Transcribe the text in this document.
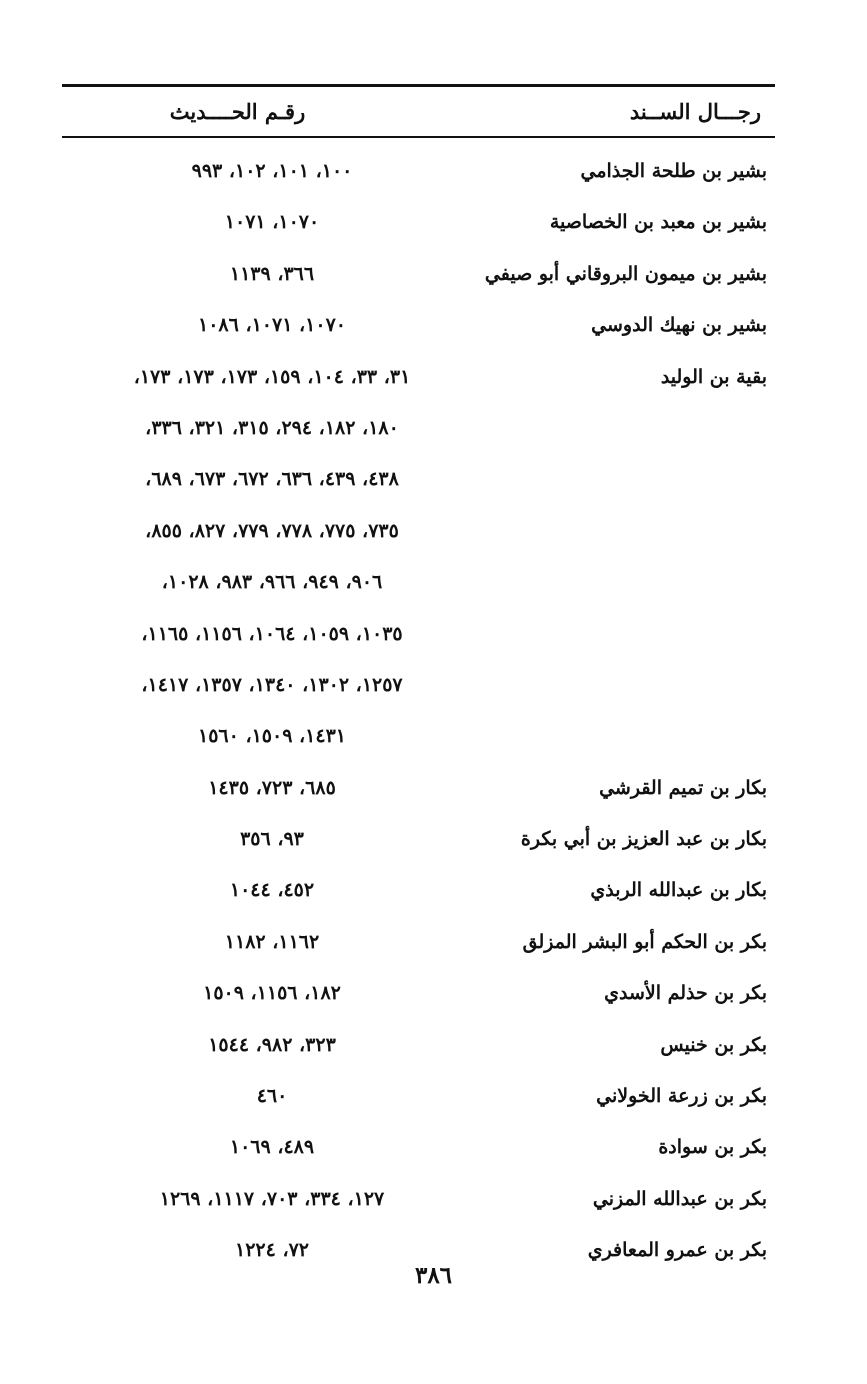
رجـــال الســند
رقـم الحــــديث
بشير بن طلحة الجذامي
١٠٠، ١٠١، ١٠٢، ٩٩٣
بشير بن معبد بن الخصاصية
١٠٧٠، ١٠٧١
بشير بن ميمون البروقاني أبو صيفي
٣٦٦، ١١٣٩
بشير بن نهيك الدوسي
١٠٧٠، ١٠٧١، ١٠٨٦
بقية بن الوليد
٣١، ٣٣، ١٠٤، ١٥٩، ١٧٣، ١٧٣، ١٧٣،
١٨٠، ١٨٢، ٢٩٤، ٣١٥، ٣٢١، ٣٣٦،
٤٣٨، ٤٣٩، ٦٣٦، ٦٧٢، ٦٧٣، ٦٨٩،
٧٣٥، ٧٧٥، ٧٧٨، ٧٧٩، ٨٢٧، ٨٥٥،
٩٠٦، ٩٤٩، ٩٦٦، ٩٨٣، ١٠٢٨،
١٠٣٥، ١٠٥٩، ١٠٦٤، ١١٥٦، ١١٦٥،
١٢٥٧، ١٣٠٢، ١٣٤٠، ١٣٥٧، ١٤١٧،
١٤٣١، ١٥٠٩، ١٥٦٠
بكار بن تميم القرشي
٦٨٥، ٧٢٣، ١٤٣٥
بكار بن عبد العزيز بن أبي بكرة
٩٣، ٣٥٦
بكار بن عبدالله الربذي
٤٥٢، ١٠٤٤
بكر بن الحكم أبو البشر المزلق
١١٦٢، ١١٨٢
بكر بن حذلم الأسدي
١٨٢، ١١٥٦، ١٥٠٩
بكر بن خنيس
٣٢٣، ٩٨٢، ١٥٤٤
بكر بن زرعة الخولاني
٤٦٠
بكر بن سوادة
٤٨٩، ١٠٦٩
بكر بن عبدالله المزني
١٢٧، ٣٣٤، ٧٠٣، ١١١٧، ١٢٦٩
بكر بن عمرو المعافري
٧٢، ١٢٢٤
٣٨٦
